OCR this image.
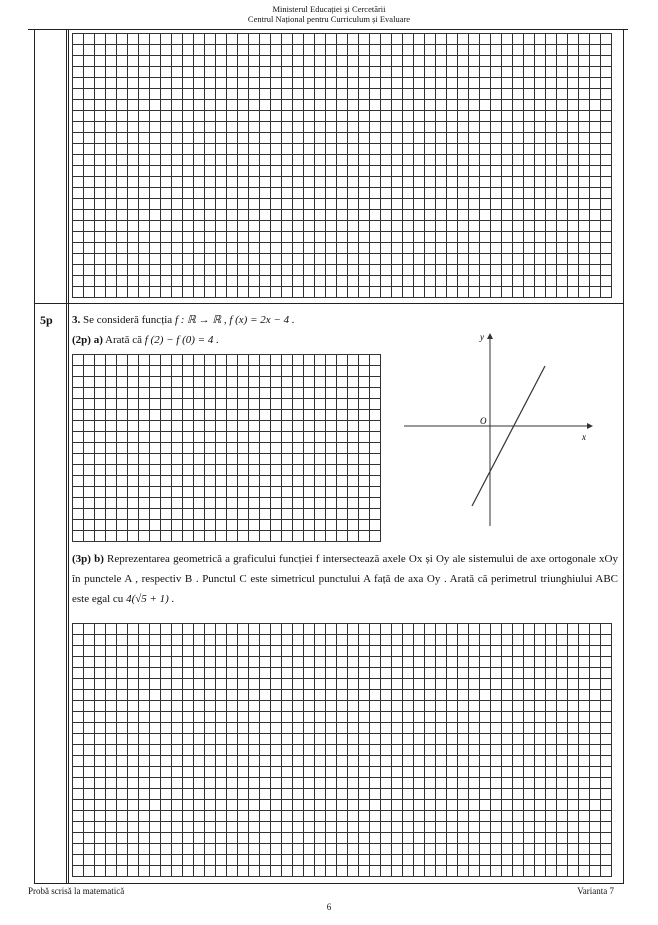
Ministerul Educației și Cercetării
Centrul Național pentru Curriculum și Evaluare
5p 3. Se consideră funcția f : ℝ → ℝ , f (x) = 2x − 4 .
(2p) a) Arată că f (2) − f (0) = 4 .	y
x
O
(3p) b) Reprezentarea geometrică a graficului funcției f intersectează axele Ox și Oy ale sistemului de axe ortogonale xOy în punctele A , respectiv B . Punctul C este simetricul punctului A față de axa Oy . Arată că perimetrul triunghiului ABC este egal cu 4(√5 + 1) .
Probă scrisă la matematică	Varianta 7
6
